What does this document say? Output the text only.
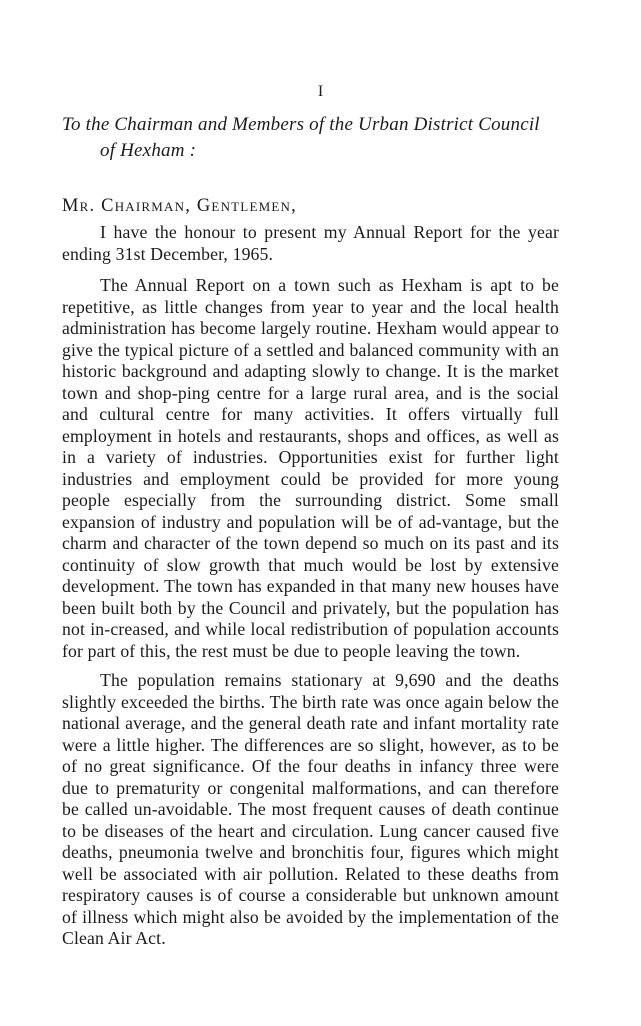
I
To the Chairman and Members of the Urban District Council
of Hexham :
Mr. Chairman, Gentlemen,

I have the honour to present my Annual Report for the year ending 31st December, 1965.

The Annual Report on a town such as Hexham is apt to be repetitive, as little changes from year to year and the local health administration has become largely routine. Hexham would appear to give the typical picture of a settled and balanced community with an historic background and adapting slowly to change. It is the market town and shop-ping centre for a large rural area, and is the social and cultural centre for many activities. It offers virtually full employment in hotels and restaurants, shops and offices, as well as in a variety of industries. Opportunities exist for further light industries and employment could be provided for more young people especially from the surrounding district. Some small expansion of industry and population will be of ad-vantage, but the charm and character of the town depend so much on its past and its continuity of slow growth that much would be lost by extensive development. The town has expanded in that many new houses have been built both by the Council and privately, but the population has not in-creased, and while local redistribution of population accounts for part of this, the rest must be due to people leaving the town.

The population remains stationary at 9,690 and the deaths slightly exceeded the births. The birth rate was once again below the national average, and the general death rate and infant mortality rate were a little higher. The differences are so slight, however, as to be of no great significance. Of the four deaths in infancy three were due to prematurity or congenital malformations, and can therefore be called un-avoidable. The most frequent causes of death continue to be diseases of the heart and circulation. Lung cancer caused five deaths, pneumonia twelve and bronchitis four, figures which might well be associated with air pollution. Related to these deaths from respiratory causes is of course a considerable but unknown amount of illness which might also be avoided by the implementation of the Clean Air Act.
